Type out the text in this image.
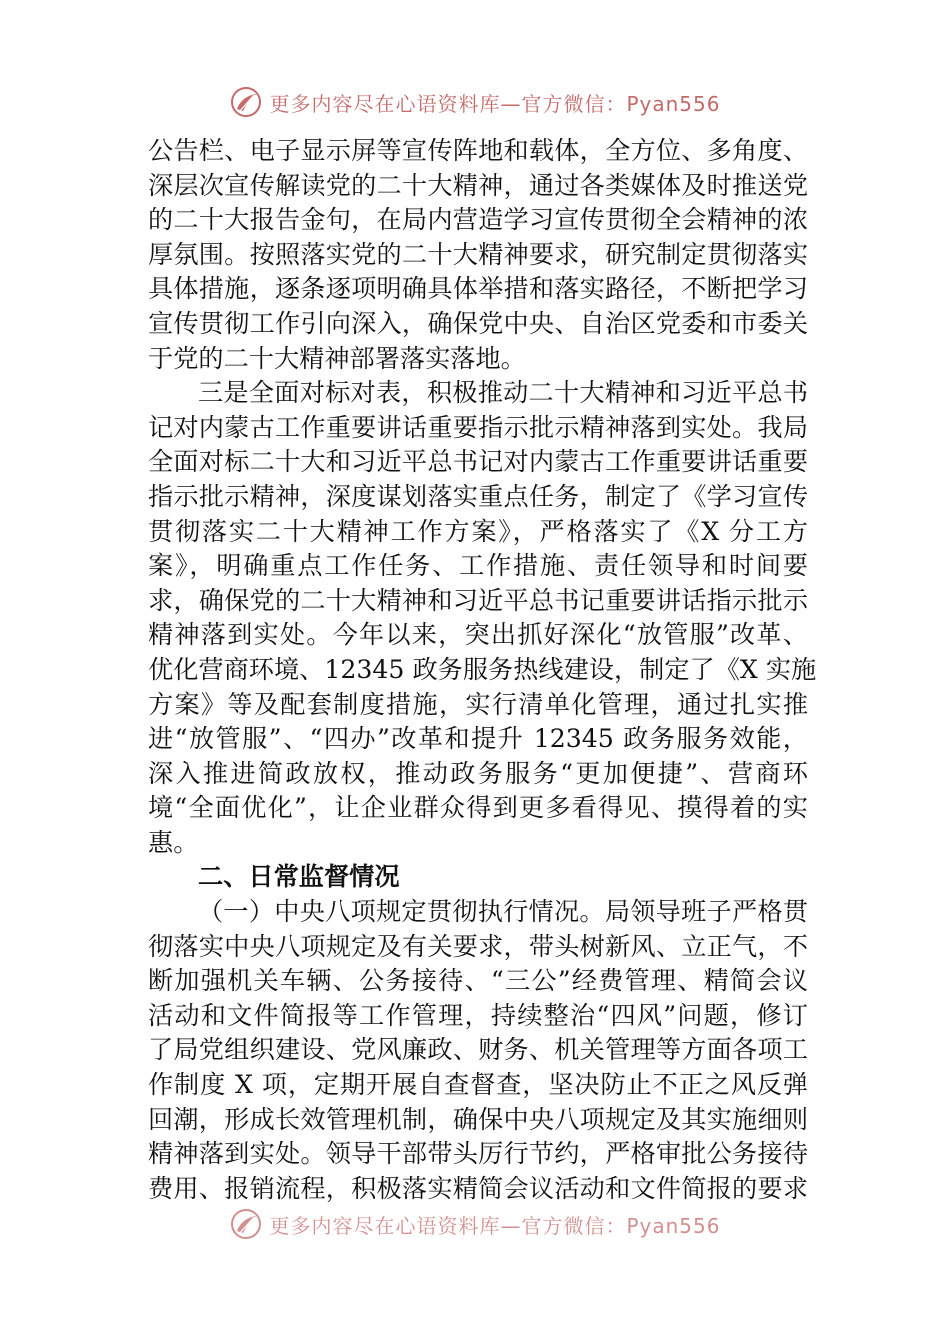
更多内容尽在心语资料库—官方微信：Pyan556
公告栏、电子显示屏等宣传阵地和载体，全方位、多角度、
深层次宣传解读党的二十大精神，通过各类媒体及时推送党
的二十大报告金句，在局内营造学习宣传贯彻全会精神的浓
厚氛围。按照落实党的二十大精神要求，研究制定贯彻落实
具体措施，逐条逐项明确具体举措和落实路径，不断把学习
宣传贯彻工作引向深入，确保党中央、自治区党委和市委关
于党的二十大精神部署落实落地。
三是全面对标对表，积极推动二十大精神和习近平总书
记对内蒙古工作重要讲话重要指示批示精神落到实处。我局
全面对标二十大和习近平总书记对内蒙古工作重要讲话重要
指示批示精神，深度谋划落实重点任务，制定了《学习宣传
贯彻落实二十大精神工作方案》，严格落实了《X 分工方
案》，明确重点工作任务、工作措施、责任领导和时间要
求，确保党的二十大精神和习近平总书记重要讲话指示批示
精神落到实处。今年以来，突出抓好深化“放管服”改革、
优化营商环境、12345 政务服务热线建设，制定了《X 实施
方案》等及配套制度措施，实行清单化管理，通过扎实推
进“放管服”、“四办”改革和提升 12345 政务服务效能，
深入推进简政放权，推动政务服务“更加便捷”、营商环
境“全面优化”，让企业群众得到更多看得见、摸得着的实
惠。
二、日常监督情况
（一）中央八项规定贯彻执行情况。局领导班子严格贯
彻落实中央八项规定及有关要求，带头树新风、立正气，不
断加强机关车辆、公务接待、“三公”经费管理、精简会议
活动和文件简报等工作管理，持续整治“四风”问题，修订
了局党组织建设、党风廉政、财务、机关管理等方面各项工
作制度 X 项，定期开展自查督查，坚决防止不正之风反弹
回潮，形成长效管理机制，确保中央八项规定及其实施细则
精神落到实处。领导干部带头厉行节约，严格审批公务接待
费用、报销流程，积极落实精简会议活动和文件简报的要求
更多内容尽在心语资料库—官方微信：Pyan556
